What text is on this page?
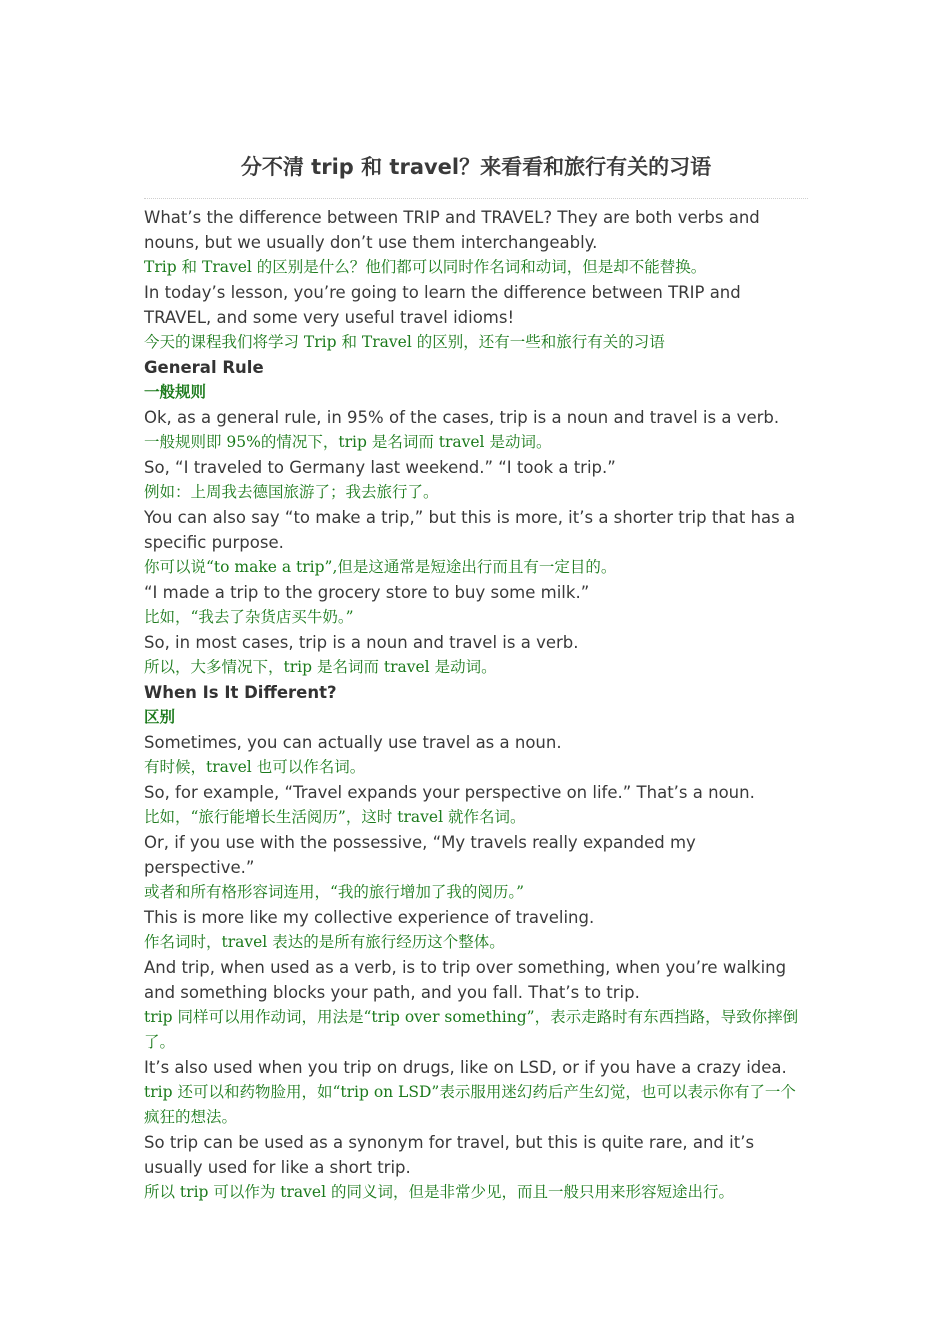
分不清 trip 和 travel？来看看和旅行有关的习语

What’s the difference between TRIP and TRAVEL? They are both verbs and nouns, but we usually don’t use them interchangeably.

Trip 和 Travel 的区别是什么？他们都可以同时作名词和动词，但是却不能替换。

In today’s lesson, you’re going to learn the difference between TRIP and TRAVEL, and some very useful travel idioms!

今天的课程我们将学习 Trip 和 Travel 的区别，还有一些和旅行有关的习语

General Rule

一般规则

Ok, as a general rule, in 95% of the cases, trip is a noun and travel is a verb.

一般规则即 95%的情况下，trip 是名词而 travel 是动词。

So, “I traveled to Germany last weekend.” “I took a trip.”

例如：上周我去德国旅游了；我去旅行了。

You can also say “to make a trip,” but this is more, it’s a shorter trip that has a specific purpose.

你可以说“to make a trip”,但是这通常是短途出行而且有一定目的。

“I made a trip to the grocery store to buy some milk.”

比如，“我去了杂货店买牛奶。”

So, in most cases, trip is a noun and travel is a verb.

所以，大多情况下，trip 是名词而 travel 是动词。

When Is It Different?

区别

Sometimes, you can actually use travel as a noun.

有时候，travel 也可以作名词。

So, for example, “Travel expands your perspective on life.” That’s a noun.

比如，“旅行能增长生活阅历”，这时 travel 就作名词。

Or, if you use with the possessive, “My travels really expanded my perspective.”

或者和所有格形容词连用，“我的旅行增加了我的阅历。”

This is more like my collective experience of traveling.

作名词时，travel 表达的是所有旅行经历这个整体。

And trip, when used as a verb, is to trip over something, when you’re walking and something blocks your path, and you fall. That’s to trip.

trip 同样可以用作动词，用法是“trip over something”，表示走路时有东西挡路，导致你摔倒了。

It’s also used when you trip on drugs, like on LSD, or if you have a crazy idea.

trip 还可以和药物脸用，如“trip on LSD”表示服用迷幻药后产生幻觉，也可以表示你有了一个疯狂的想法。

So trip can be used as a synonym for travel, but this is quite rare, and it’s usually used for like a short trip.

所以 trip 可以作为 travel 的同义词，但是非常少见，而且一般只用来形容短途出行。
